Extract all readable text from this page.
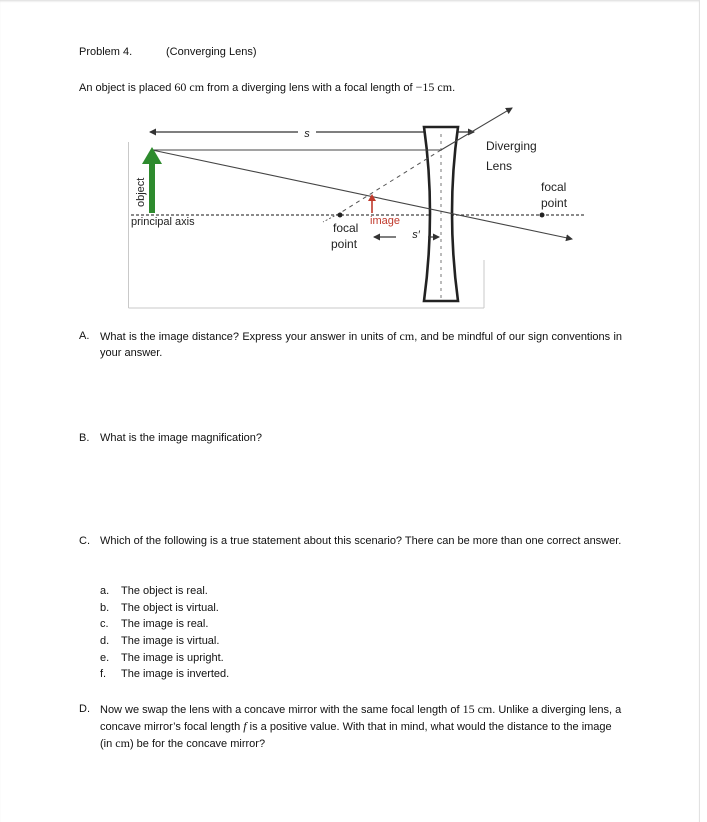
Problem 4.	(Converging Lens)
An object is placed 60 cm from a diverging lens with a focal length of −15 cm.
s
s′
object
principal axis	focal
point
image
Diverging
Lens
focal
point
A. What is the image distance? Express your answer in units of cm, and be mindful of our sign conventions in your answer.
B. What is the image magnification?
C. Which of the following is a true statement about this scenario? There can be more than one correct answer.
a.	The object is real.
b.	The object is virtual.
c.	The image is real.
d.	The image is virtual.
e.	The image is upright.
f.	The image is inverted.
D. Now we swap the lens with a concave mirror with the same focal length of 15 cm. Unlike a diverging lens, a concave mirror’s focal length f is a positive value. With that in mind, what would the distance to the image (in cm) be for the concave mirror?
